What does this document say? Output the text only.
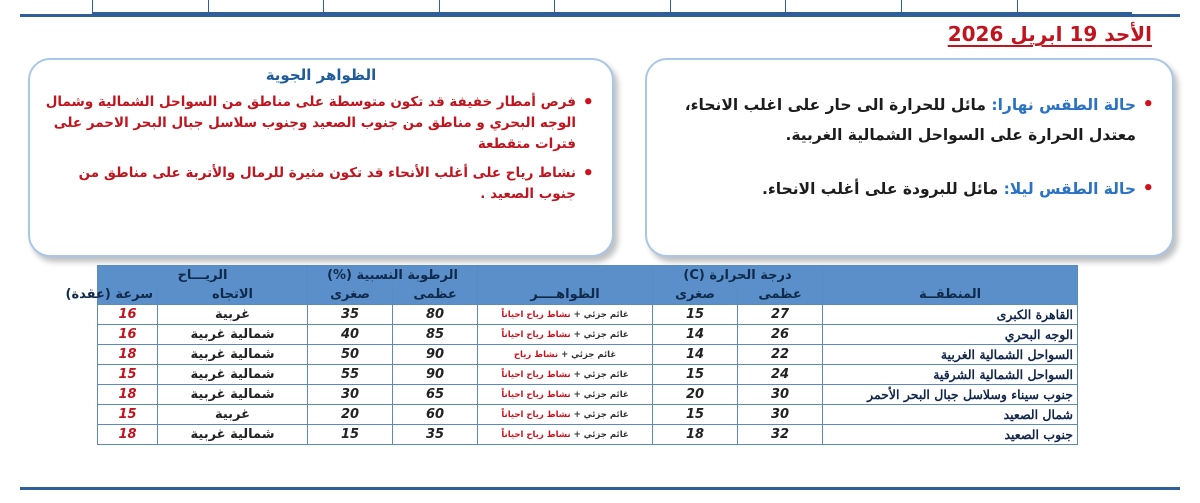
الأحد 19 ابريل 2026
• حالة الطقس نهارا: مائل للحرارة الى حار على اغلب الانحاء، معتدل الحرارة على السواحل الشمالية الغربية.
• حالة الطقس ليلا: مائل للبرودة على أغلب الانحاء.
الظواهر الجوية
• فرص أمطار خفيفة قد تكون متوسطة على مناطق من السواحل الشمالية وشمال الوجه البحري و مناطق من جنوب الصعيد وجنوب سلاسل جبال البحر الاحمر على فترات متقطعة
• نشاط رياح على أغلب الأنحاء قد تكون مثيرة للرمال والأتربة على مناطق من جنوب الصعيد .
	درجة الحرارة (C)			الرطوبة النسبية (%)		الريـــاح	
المنطقــة	عظمى	صغرى	الظواهــــر	عظمى	صغرى	الاتجاه	سرعة (عقدة)
القاهرة الكبرى	27	15	غائم جزئي + نشاط رياح احياناً	80	35	غربية	16
الوجه البحري	26	14	غائم جزئي + نشاط رياح احياناً	85	40	شمالية غربية	16
السواحل الشمالية الغربية	22	14	غائم جزئي + نشاط رياح	90	50	شمالية غربية	18
السواحل الشمالية الشرقية	24	15	غائم جزئي + نشاط رياح احياناً	90	55	شمالية غربية	15
جنوب سيناء وسلاسل جبال البحر الأحمر	30	20	غائم جزئي + نشاط رياح احياناً	65	30	شمالية غربية	18
شمال الصعيد	30	15	غائم جزئي + نشاط رياح احياناً	60	20	غربية	15
جنوب الصعيد	32	18	غائم جزئي + نشاط رياح احياناً	35	15	شمالية غربية	18
